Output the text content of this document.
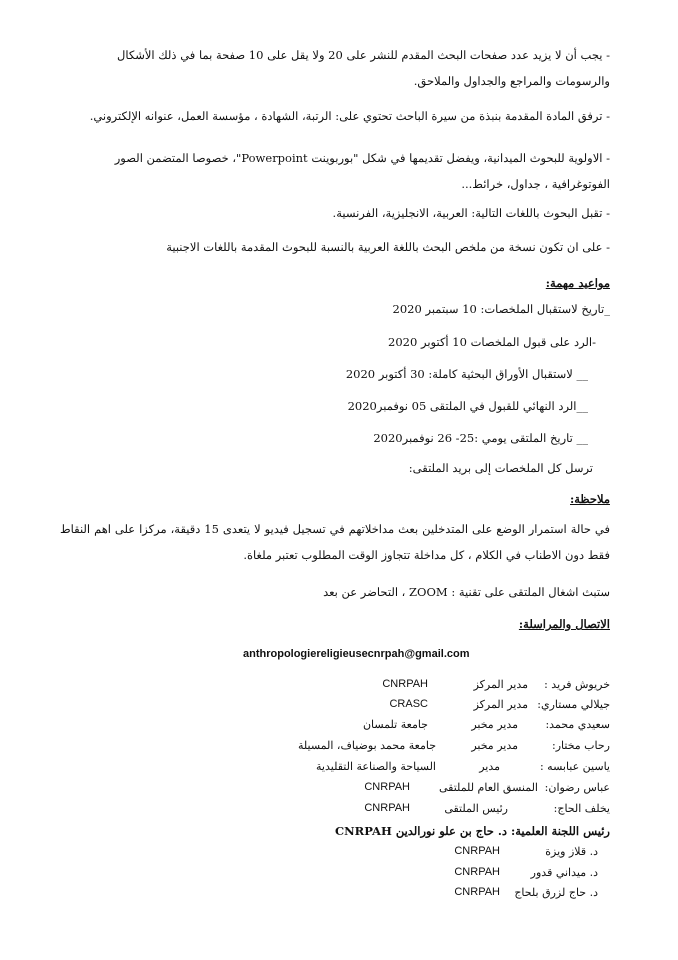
- يجب أن لا يزيد عدد صفحات البحث المقدم للنشر على 20 ولا يقل على 10 صفحة بما في ذلك الأشكال والرسومات والمراجع والجداول والملاحق.
- ترفق المادة المقدمة بنبذة من سيرة الباحث تحتوي على: الرتبة، الشهادة ، مؤسسة العمل، عنوانه الإلكتروني.
- الاولوية للبحوث الميدانية، ويفضل تقديمها في شكل "بوربوينت Powerpoint"، خصوصا المتضمن الصور الفوتوغرافية ، جداول، خرائط...
- تقبل البحوث باللغات التالية: العربية، الانجليزية، الفرنسية.
- على ان تكون نسخة من ملخص البحث باللغة العربية بالنسبة للبحوث المقدمة باللغات الاجنبية
مواعيد مهمة:
_تاريخ لاستقبال الملخصات: 10 سبتمبر 2020
-الرد على قبول الملخصات 10 أكتوبر 2020
__ لاستقبال الأوراق البحثية كاملة: 30 أكتوبر 2020
__الرد النهائي للقبول في الملتقى 05 نوفمبر2020
__ تاريخ الملتقى يومي :25- 26 نوفمبر2020
ترسل كل الملخصات إلى بريد الملتقى:
ملاحظة:
في حالة استمرار الوضع على المتدخلين بعث مداخلاتهم في تسجيل فيديو لا يتعدى 15 دقيقة، مركزا على اهم النقاط فقط دون الاطناب في الكلام ، كل مداخلة تتجاوز الوقت المطلوب تعتبر ملغاة.
ستبث اشغال الملتقى على تقنية : ZOOM ، التحاضر عن بعد
الاتصال والمراسلة:
anthropologiereligieusecnrpah@gmail.com
خريوش فريد :
مدير المركز
CNRPAH
جيلالي مستاري:
مدير المركز
CRASC
سعيدي محمد:
مدير مخبر
جامعة تلمسان
رحاب مختار:
مدير مخبر
جامعة محمد بوضياف، المسيلة
ياسين عبابسه :
مدير
السياحة والصناعة التقليدية
عباس رضوان:
المنسق العام للملتقى
CNRPAH
يخلف الحاج:
رئيس الملتقى
CNRPAH
رئيس اللجنة العلمية: د. حاج بن علو نورالدين CNRPAH
د. قلاز ويزة
CNRPAH
د. ميداني قدور
CNRPAH
د. حاج لزرق بلحاج
CNRPAH
